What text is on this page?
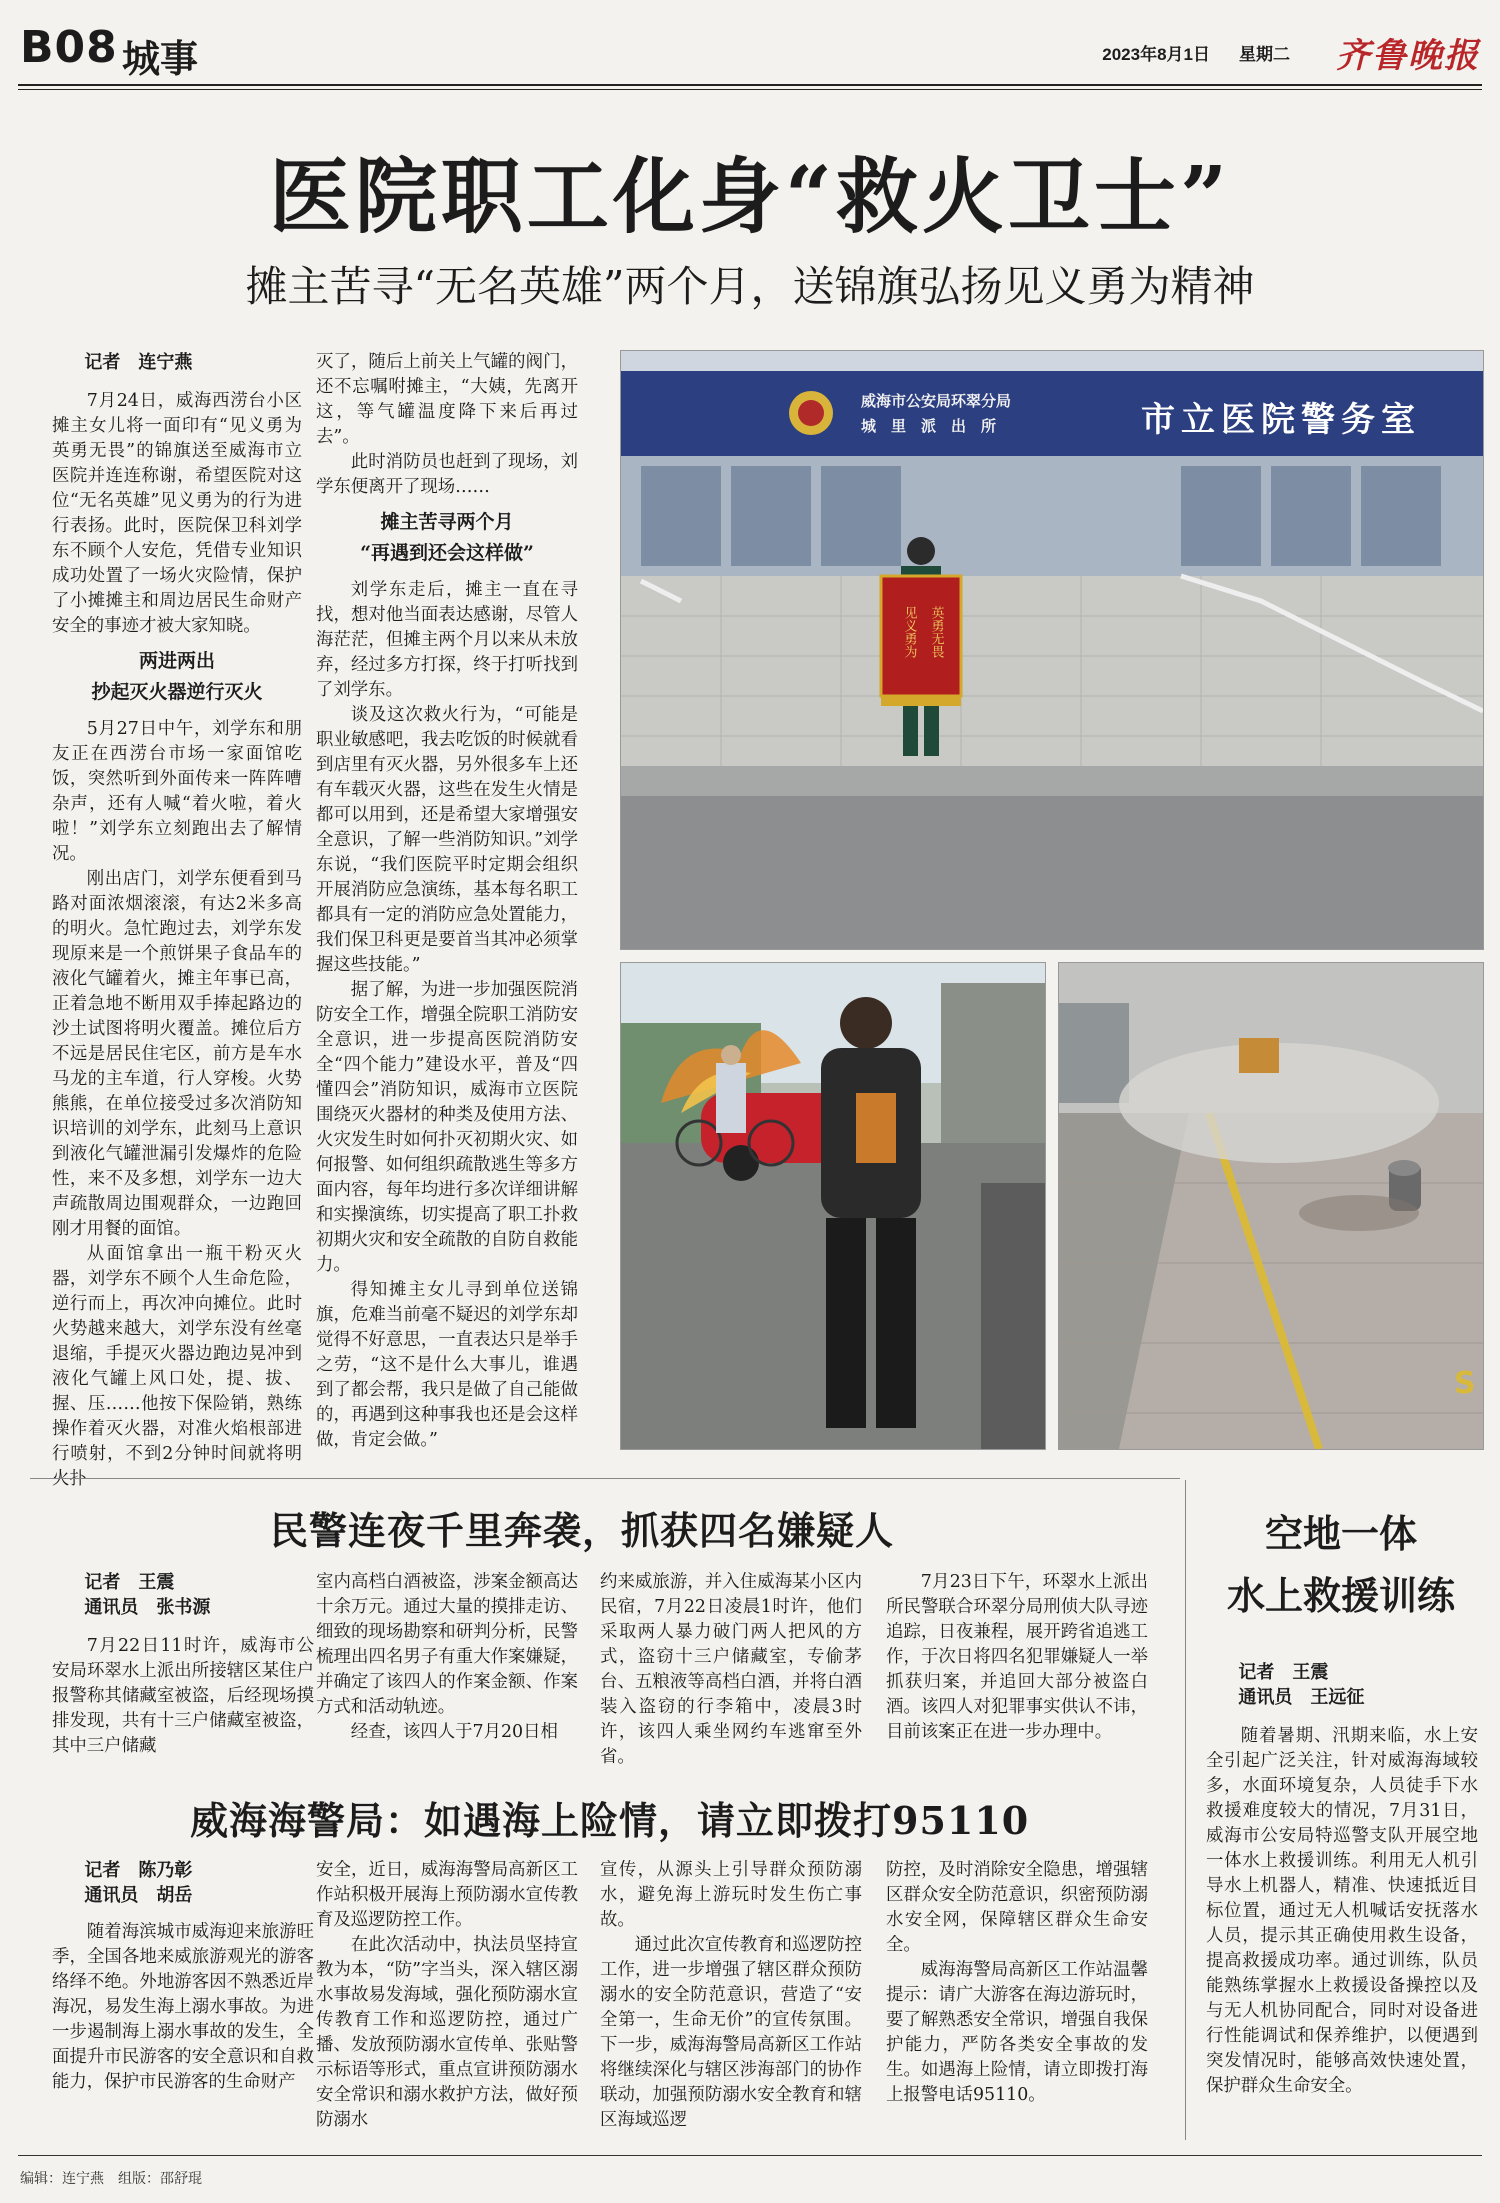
B08 城事	2023年8月1日 星期二 齐鲁晚报
医院职工化身“救火卫士”
摊主苦寻“无名英雄”两个月，送锦旗弘扬见义勇为精神

记者　连宁燕

7月24日，威海西涝台小区摊主女儿将一面印有“见义勇为英勇无畏”的锦旗送至威海市立医院并连连称谢，希望医院对这位“无名英雄”见义勇为的行为进行表扬。此时，医院保卫科刘学东不顾个人安危，凭借专业知识成功处置了一场火灾险情，保护了小摊摊主和周边居民生命财产安全的事迹才被大家知晓。

两进两出

抄起灭火器逆行灭火

5月27日中午，刘学东和朋友正在西涝台市场一家面馆吃饭，突然听到外面传来一阵阵嘈杂声，还有人喊“着火啦，着火啦！”刘学东立刻跑出去了解情况。

刚出店门，刘学东便看到马路对面浓烟滚滚，有达2米多高的明火。急忙跑过去，刘学东发现原来是一个煎饼果子食品车的液化气罐着火，摊主年事已高，正着急地不断用双手捧起路边的沙土试图将明火覆盖。摊位后方不远是居民住宅区，前方是车水马龙的主车道，行人穿梭。火势熊熊，在单位接受过多次消防知识培训的刘学东，此刻马上意识到液化气罐泄漏引发爆炸的危险性，来不及多想，刘学东一边大声疏散周边围观群众，一边跑回刚才用餐的面馆。

从面馆拿出一瓶干粉灭火器，刘学东不顾个人生命危险，逆行而上，再次冲向摊位。此时火势越来越大，刘学东没有丝毫退缩，手提灭火器边跑边晃冲到液化气罐上风口处，提、拔、握、压……他按下保险销，熟练操作着灭火器，对准火焰根部进行喷射，不到2分钟时间就将明火扑

灭了，随后上前关上气罐的阀门，还不忘嘱咐摊主，“大姨，先离开这，等气罐温度降下来后再过去”。

此时消防员也赶到了现场，刘学东便离开了现场……

摊主苦寻两个月

“再遇到还会这样做”

刘学东走后，摊主一直在寻找，想对他当面表达感谢，尽管人海茫茫，但摊主两个月以来从未放弃，经过多方打探，终于打听找到了刘学东。

谈及这次救火行为，“可能是职业敏感吧，我去吃饭的时候就看到店里有灭火器，另外很多车上还有车载灭火器，这些在发生火情是都可以用到，还是希望大家增强安全意识，了解一些消防知识。”刘学东说，“我们医院平时定期会组织开展消防应急演练，基本每名职工都具有一定的消防应急处置能力，我们保卫科更是要首当其冲必须掌握这些技能。”

据了解，为进一步加强医院消防安全工作，增强全院职工消防安全意识，进一步提高医院消防安全“四个能力”建设水平，普及“四懂四会”消防知识，威海市立医院围绕灭火器材的种类及使用方法、火灾发生时如何扑灭初期火灾、如何报警、如何组织疏散逃生等多方面内容，每年均进行多次详细讲解和实操演练，切实提高了职工扑救初期火灾和安全疏散的自防自救能力。

得知摊主女儿寻到单位送锦旗，危难当前毫不疑迟的刘学东却觉得不好意思，一直表达只是举手之劳，“这不是什么大事儿，谁遇到了都会帮，我只是做了自己能做的，再遇到这种事我也还是会这样做，肯定会做。”

威海市公安局环翠分局
城　里　派　出　所	市立医院警务室
英勇无畏
见义勇为
S
民警连夜千里奔袭，抓获四名嫌疑人

记者　王震

通讯员　张书源

7月22日11时许，威海市公安局环翠水上派出所接辖区某住户报警称其储藏室被盗，后经现场摸排发现，共有十三户储藏室被盗，其中三户储藏

室内高档白酒被盗，涉案金额高达十余万元。通过大量的摸排走访、细致的现场勘察和研判分析，民警梳理出四名男子有重大作案嫌疑，并确定了该四人的作案金额、作案方式和活动轨迹。

经查，该四人于7月20日相

约来威旅游，并入住威海某小区内民宿，7月22日凌晨1时许，他们采取两人暴力破门两人把风的方式，盗窃十三户储藏室，专偷茅台、五粮液等高档白酒，并将白酒装入盗窃的行李箱中，凌晨3时许，该四人乘坐网约车逃窜至外省。

7月23日下午，环翠水上派出所民警联合环翠分局刑侦大队寻迹追踪，日夜兼程，展开跨省追逃工作，于次日将四名犯罪嫌疑人一举抓获归案，并追回大部分被盗白酒。该四人对犯罪事实供认不讳，目前该案正在进一步办理中。

威海海警局：如遇海上险情，请立即拨打95110

记者　陈乃彰

通讯员　胡岳

随着海滨城市威海迎来旅游旺季，全国各地来威旅游观光的游客络绎不绝。外地游客因不熟悉近岸海况，易发生海上溺水事故。为进一步遏制海上溺水事故的发生，全面提升市民游客的安全意识和自救能力，保护市民游客的生命财产

安全，近日，威海海警局高新区工作站积极开展海上预防溺水宣传教育及巡逻防控工作。

在此次活动中，执法员坚持宣教为本，“防”字当头，深入辖区溺水事故易发海域，强化预防溺水宣传教育工作和巡逻防控，通过广播、发放预防溺水宣传单、张贴警示标语等形式，重点宣讲预防溺水安全常识和溺水救护方法，做好预防溺水

宣传，从源头上引导群众预防溺水，避免海上游玩时发生伤亡事故。

通过此次宣传教育和巡逻防控工作，进一步增强了辖区群众预防溺水的安全防范意识，营造了“安全第一，生命无价”的宣传氛围。下一步，威海海警局高新区工作站将继续深化与辖区涉海部门的协作联动，加强预防溺水安全教育和辖区海域巡逻

防控，及时消除安全隐患，增强辖区群众安全防范意识，织密预防溺水安全网，保障辖区群众生命安全。

威海海警局高新区工作站温馨提示：请广大游客在海边游玩时，要了解熟悉安全常识，增强自我保护能力，严防各类安全事故的发生。如遇海上险情，请立即拨打海上报警电话95110。

空地一体
水上救援训练

记者　王震

通讯员　王远征

随着暑期、汛期来临，水上安全引起广泛关注，针对威海海域较多，水面环境复杂，人员徒手下水救援难度较大的情况，7月31日，威海市公安局特巡警支队开展空地一体水上救援训练。利用无人机引导水上机器人，精准、快速抵近目标位置，通过无人机喊话安抚落水人员，提示其正确使用救生设备，提高救援成功率。通过训练，队员能熟练掌握水上救援设备操控以及与无人机协同配合，同时对设备进行性能调试和保养维护，以便遇到突发情况时，能够高效快速处置，保护群众生命安全。

编辑：连宁燕　组版：邵舒琨
